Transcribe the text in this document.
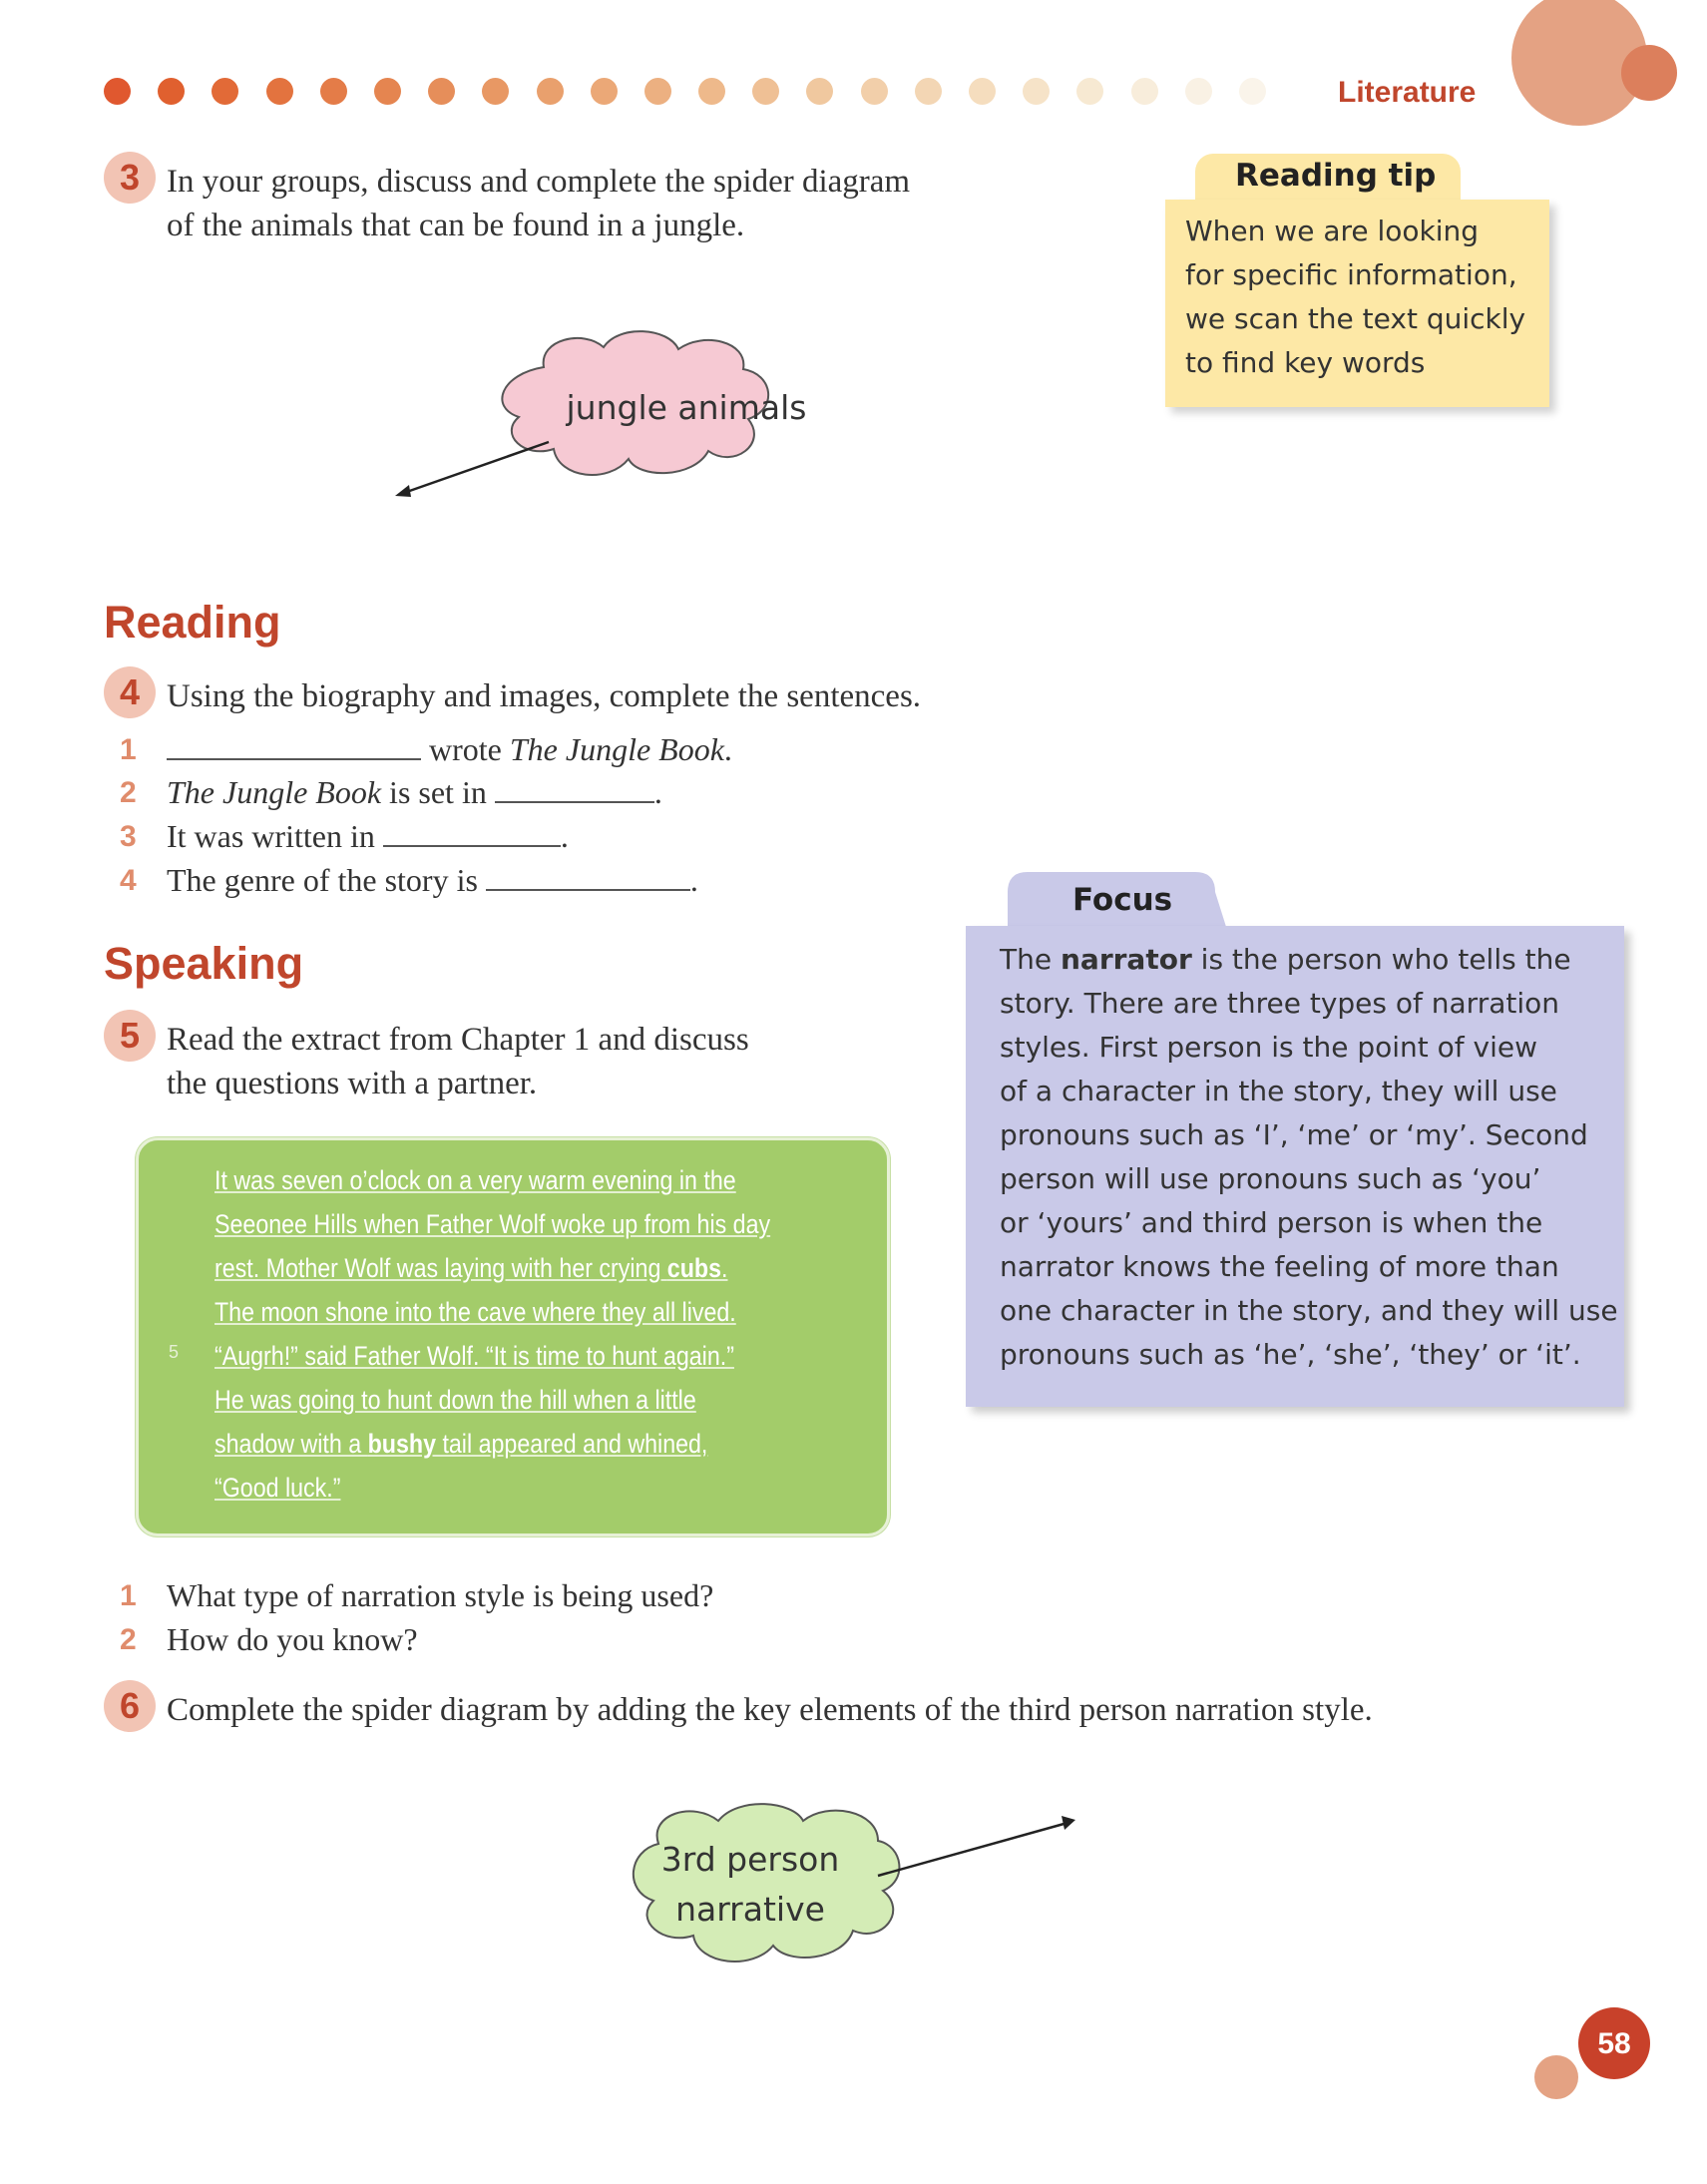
Literature
3 In your groups, discuss and complete the spider diagram
of the animals that can be found in a jungle.
jungle animals
Reading tip
When we are looking
for specific information,
we scan the text quickly
to find key words
Reading
4 Using the biography and images, complete the sentences.
1	wrote The Jungle Book.
2 The Jungle Book is set in	.
3 It was written in	.
4 The genre of the story is	.
Focus
The narrator is the person who tells the
story. There are three types of narration
styles. First person is the point of view
of a character in the story, they will use
pronouns such as ‘I’, ‘me’ or ‘my’. Second
person will use pronouns such as ‘you’
or ‘yours’ and third person is when the
narrator knows the feeling of more than
one character in the story, and they will use
pronouns such as ‘he’, ‘she’, ‘they’ or ‘it’.
Speaking
5 Read the extract from Chapter 1 and discuss
the questions with a partner.
5
It was seven o’clock on a very warm evening in the
Seeonee Hills when Father Wolf woke up from his day
rest. Mother Wolf was laying with her crying cubs.
The moon shone into the cave where they all lived.
“Augrh!” said Father Wolf. “It is time to hunt again.”
He was going to hunt down the hill when a little
shadow with a bushy tail appeared and whined,
“Good luck.”
1 What type of narration style is being used?
2 How do you know?
6 Complete the spider diagram by adding the key elements of the third person narration style.
3rd person
narrative
58
